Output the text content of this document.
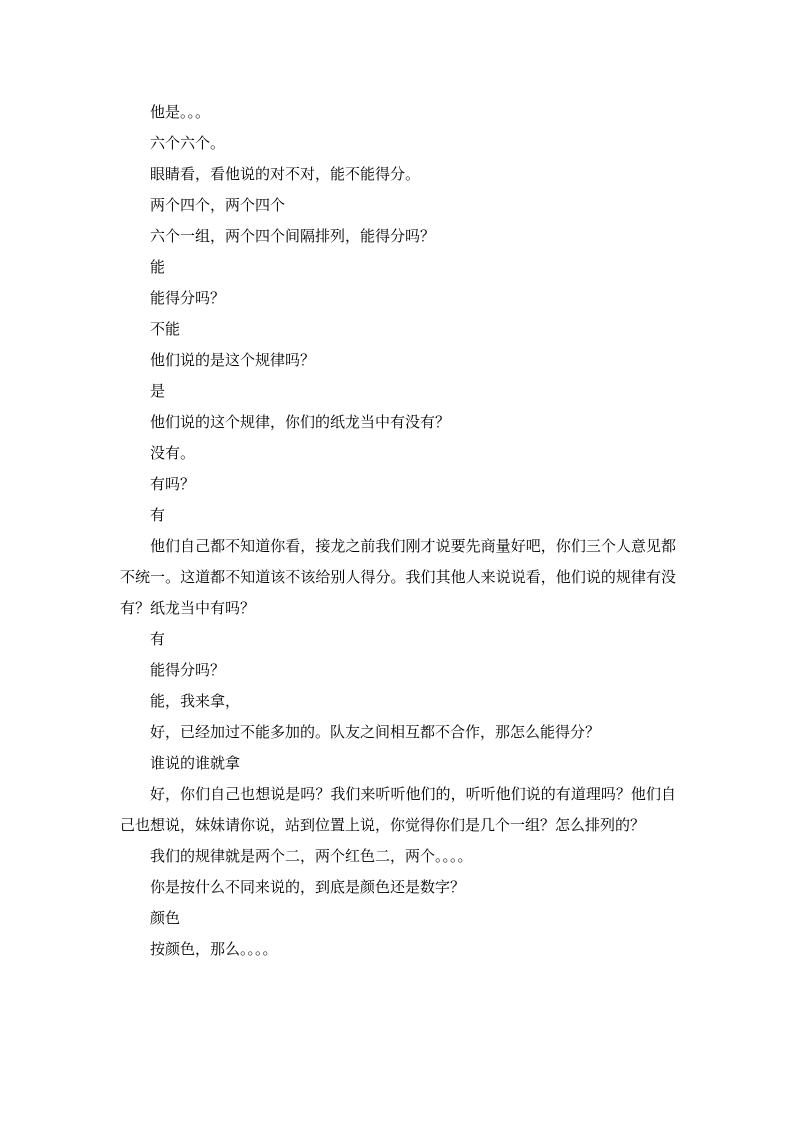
他是。。。

六个六个。

眼睛看，看他说的对不对，能不能得分。

两个四个，两个四个

六个一组，两个四个间隔排列，能得分吗？

能

能得分吗？

不能

他们说的是这个规律吗？

是

他们说的这个规律，你们的纸龙当中有没有？

没有。

有吗？

有

他们自己都不知道你看，接龙之前我们刚才说要先商量好吧，你们三个人意见都不统一。这道都不知道该不该给别人得分。我们其他人来说说看，他们说的规律有没有？纸龙当中有吗？

有

能得分吗？

能，我来拿，

好，已经加过不能多加的。队友之间相互都不合作，那怎么能得分？

谁说的谁就拿

好，你们自己也想说是吗？我们来听听他们的，听听他们说的有道理吗？他们自己也想说，妹妹请你说，站到位置上说，你觉得你们是几个一组？怎么排列的？

我们的规律就是两个二，两个红色二，两个。。。。

你是按什么不同来说的，到底是颜色还是数字？

颜色

按颜色，那么。。。。
